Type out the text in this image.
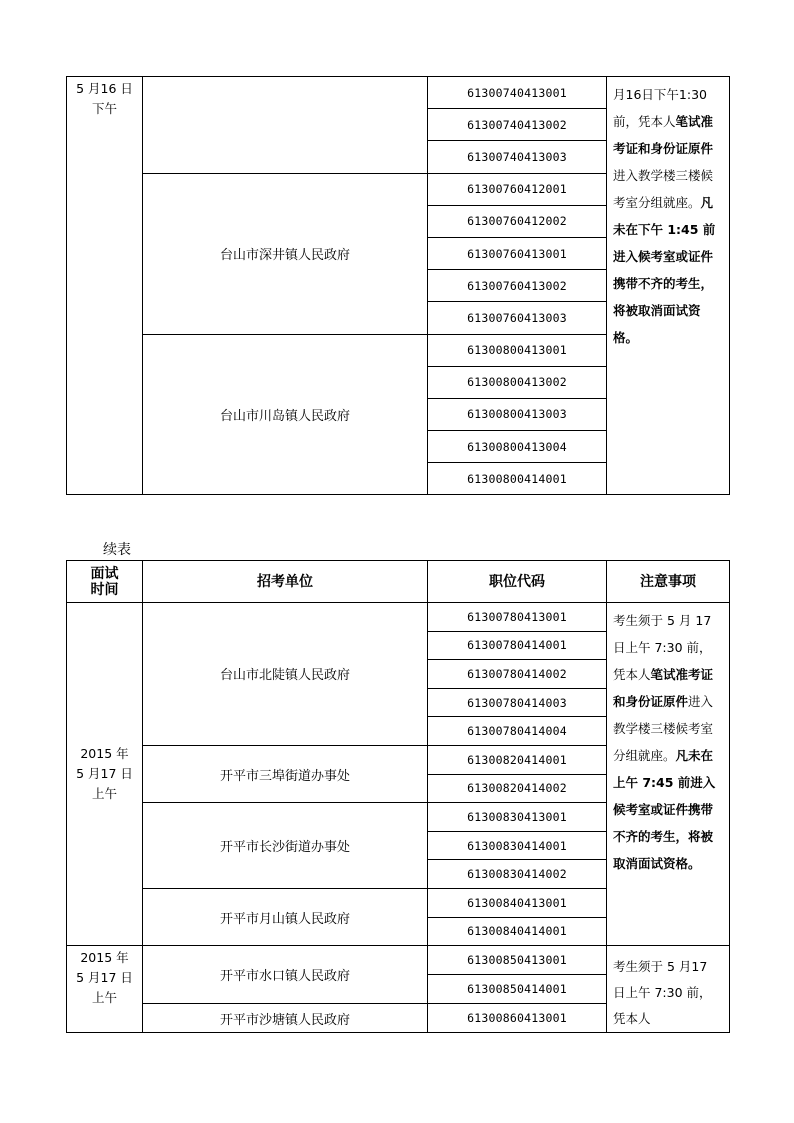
5 月16 日
下午		61300740413001	月16日下午1:30前，凭本人笔试准考证和身份证原件进入教学楼三楼候考室分组就座。凡未在下午 1:45 前进入候考室或证件携带不齐的考生，将被取消面试资格。
		61300740413002	
		61300740413003	
	台山市深井镇人民政府	61300760412001	
		61300760412002	
		61300760413001	
		61300760413002	
		61300760413003	
	台山市川岛镇人民政府	61300800413001	
		61300800413002	
		61300800413003	
		61300800413004	
		61300800414001	
续表
面试
时间	招考单位	职位代码	注意事项
2015 年
5 月17 日
上午	台山市北陡镇人民政府	61300780413001	考生须于 5 月 17 日上午 7:30 前，凭本人笔试准考证和身份证原件进入教学楼三楼候考室分组就座。凡未在上午 7:45 前进入候考室或证件携带不齐的考生，将被取消面试资格。
		61300780414001	
		61300780414002	
		61300780414003	
		61300780414004	
	开平市三埠街道办事处	61300820414001	
		61300820414002	
	开平市长沙街道办事处	61300830413001	
		61300830414001	
		61300830414002	
	开平市月山镇人民政府	61300840413001	
		61300840414001	
2015 年
5 月17 日
上午	开平市水口镇人民政府	61300850413001	考生须于 5 月17 日上午 7:30 前，凭本人
		61300850414001	
	开平市沙塘镇人民政府	61300860413001	
